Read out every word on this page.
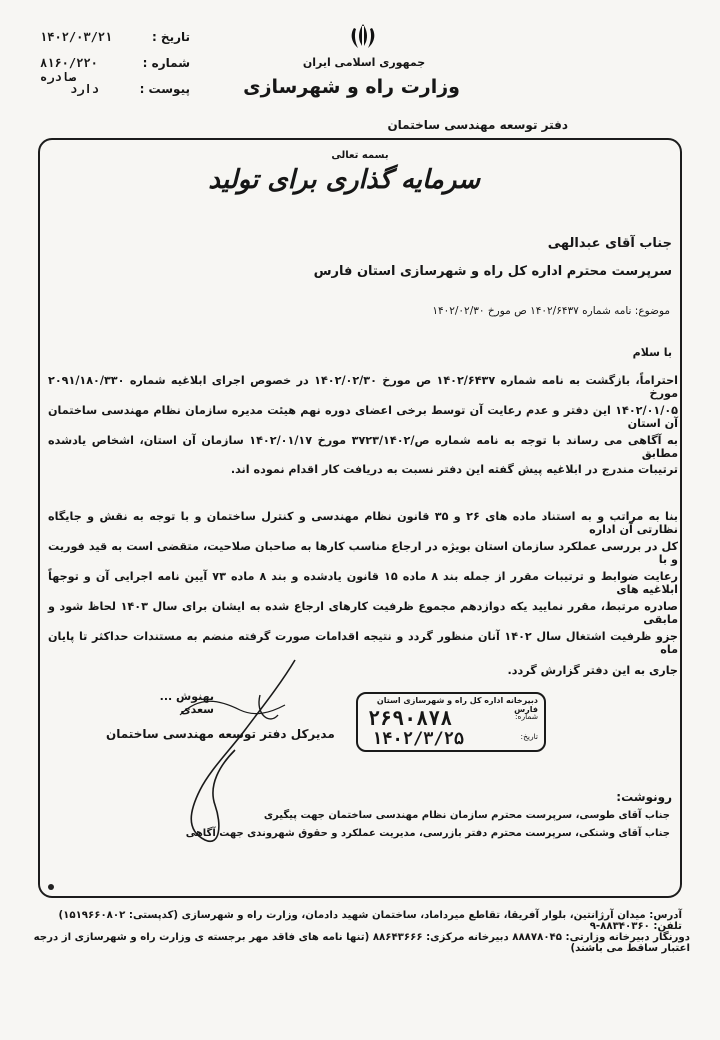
۱۴۰۲/۰۳/۲۱	تاریخ :
۸۱۶۰/۲۲۰ صادره
شماره :
دارد	پیوست :
جمهوری اسلامی ایران
وزارت راه و شهرسازی
دفتر توسعه مهندسی ساختمان
بسمه تعالی
سرمایه گذاری برای تولید
جناب آقای عبدالهی
سرپرست محترم اداره کل راه و شهرسازی استان فارس
موضوع: نامه شماره ۱۴۰۲/۶۴۳۷ ص مورخ ۱۴۰۲/۰۲/۳۰
با سلام
احتراماً، بازگشت به نامه شماره ۱۴۰۲/۶۴۳۷ ص مورخ ۱۴۰۲/۰۲/۳۰ در خصوص اجرای ابلاغیه شماره ۲۰۹۱/۱۸۰/۳۳۰ مورخ
۱۴۰۲/۰۱/۰۵ این دفتر و عدم رعایت آن توسط برخی اعضای دوره نهم هیئت مدیره سازمان نظام مهندسی ساختمان آن استان
به آگاهی می رساند با توجه به نامه شماره ص/۳۷۲۳/۱۴۰۲ مورخ ۱۴۰۲/۰۱/۱۷ سازمان آن استان، اشخاص یادشده مطابق
ترتیبات مندرج در ابلاغیه پیش گفته این دفتر نسبت به دریافت کار اقدام نموده اند.
بنا به مراتب و به استناد ماده های ۲۶ و ۳۵ قانون نظام مهندسی و کنترل ساختمان و با توجه به نقش و جایگاه نظارتی آن اداره
کل در بررسی عملکرد سازمان استان بویژه در ارجاع مناسب کارها به صاحبان صلاحیت، متقضی است به قید فوریت و با
رعایت ضوابط و ترتیبات مقرر از جمله بند ۸ ماده ۱۵ قانون یادشده و بند ۸ ماده ۷۳ آیین نامه اجرایی آن و توجهاً ابلاغیه های
صادره مرتبط، مقرر نمایید یکه دوازدهم مجموع ظرفیت کارهای ارجاع شده به ایشان برای سال ۱۴۰۳ لحاظ شود و مابقی
جزو ظرفیت اشتغال سال ۱۴۰۲ آنان منظور گردد و نتیجه اقدامات صورت گرفته منضم به مستندات حداکثر تا پایان ماه
جاری به این دفتر گزارش گردد.
بهنوش ... سعدی
مدیرکل دفتر توسعه مهندسی ساختمان
دبیرخانه اداره کل راه و شهرسازی استان فارس
شماره:
۲۶۹۰۸۷۸
تاریخ:
۱۴۰۲/۳/۲۵
رونوشت:
جناب آقای طوسی، سرپرست محترم سازمان نظام مهندسی ساختمان جهت پیگیری
جناب آقای وشنکی، سرپرست محترم دفتر بازرسی، مدیریت عملکرد و حقوق شهروندی جهت آگاهی
آدرس: میدان آرژانتین، بلوار آفریقا، تقاطع میرداماد، ساختمان شهید دادمان، وزارت راه و شهرسازی (کدپستی: ۱۵۱۹۶۶۰۸۰۲) تلفن: ۸۸۳۴۰۳۶۰-۹
دورنگار دبیرخانه وزارتی: ۸۸۸۷۸۰۴۵ دبیرخانه مرکزی: ۸۸۶۴۳۶۶۶ (تنها نامه های فاقد مهر برجسته ی وزارت راه و شهرسازی از درجه اعتبار ساقط می باشند)
